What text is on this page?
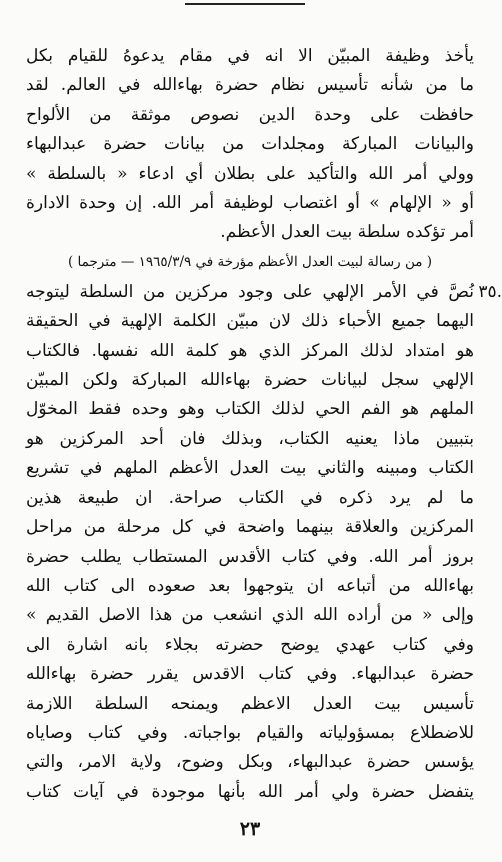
يأخذ وظيفة المبيّن الا انه في مقام يدعوهُ للقيام بكل
ما من شأنه تأسيس نظام حضرة بهاءالله في العالم. لقد
حافظت على وحدة الدين نصوص موثقة من الألواح
والبيانات المباركة ومجلدات من بيانات حضرة عبدالبهاء
وولي أمر الله والتأكيد على بطلان أي ادعاء « بالسلطة »
أو « الإلهام » أو اغتصاب لوظيفة أمر الله. إن وحدة الادارة
أمر تؤكده سلطة بيت العدل الأعظم.
( من رسالة لبيت العدل الأعظم مؤرخة في ١٩٦٥/٣/٩ — مترجما )
٣٥.
نُصَّ في الأمر الإلهي على وجود مركزين من السلطة ليتوجه
اليهما جميع الأحباء ذلك لان مبيّن الكلمة الإلهية في الحقيقة
هو امتداد لذلك المركز الذي هو كلمة الله نفسها. فالكتاب
الإلهي سجل لبيانات حضرة بهاءالله المباركة ولكن المبيّن
الملهم هو الفم الحي لذلك الكتاب وهو وحده فقط المخوّل
بتبيين ماذا يعنيه الكتاب، وبذلك فان أحد المركزين هو
الكتاب ومبينه والثاني بيت العدل الأعظم الملهم في تشريع
ما لم يرد ذكره في الكتاب صراحة. ان طبيعة هذين
المركزين والعلاقة بينهما واضحة في كل مرحلة من مراحل
بروز أمر الله. وفي كتاب الأقدس المستطاب يطلب حضرة
بهاءالله من أتباعه ان يتوجهوا بعد صعوده الى كتاب الله
وإلى « من أراده الله الذي انشعب من هذا الاصل القديم »
وفي كتاب عهدي يوضح حضرته بجلاء بانه اشارة الى
حضرة عبدالبهاء. وفي كتاب الاقدس يقرر حضرة بهاءالله
تأسيس بيت العدل الاعظم ويمنحه السلطة اللازمة
للاضطلاع بمسؤولياته والقيام بواجباته. وفي كتاب وصاياه
يؤسس حضرة عبدالبهاء، وبكل وضوح، ولاية الامر، والتي
يتفضل حضرة ولي أمر الله بأنها موجودة في آيات كتاب
٢٣
